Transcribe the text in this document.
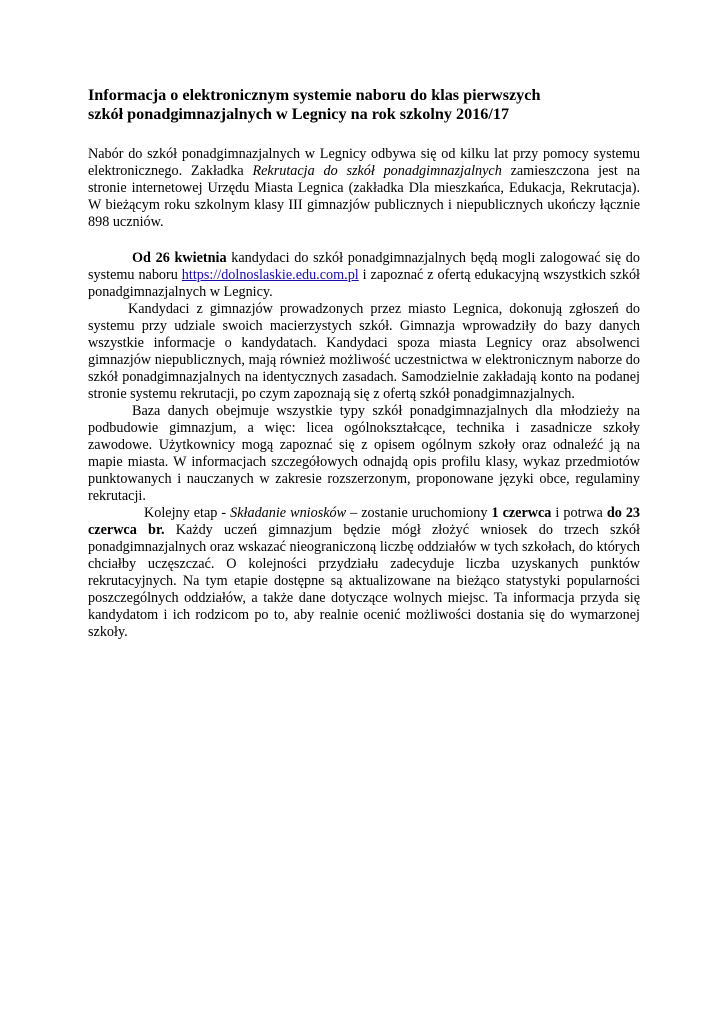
Informacja o elektronicznym systemie naboru do klas pierwszych
szkół ponadgimnazjalnych w Legnicy na rok szkolny 2016/17

Nabór do szkół ponadgimnazjalnych w Legnicy odbywa się od kilku lat przy pomocy systemu elektronicznego. Zakładka Rekrutacja do szkół ponadgimnazjalnych zamieszczona jest na stronie internetowej Urzędu Miasta Legnica (zakładka Dla mieszkańca, Edukacja, Rekrutacja). W bieżącym roku szkolnym klasy III gimnazjów publicznych i niepublicznych ukończy łącznie 898 uczniów.

Od 26 kwietnia kandydaci do szkół ponadgimnazjalnych będą mogli zalogować się do systemu naboru https://dolnoslaskie.edu.com.pl i zapoznać z ofertą edukacyjną wszystkich szkół ponadgimnazjalnych w Legnicy.

Kandydaci z gimnazjów prowadzonych przez miasto Legnica, dokonują zgłoszeń do systemu przy udziale swoich macierzystych szkół. Gimnazja wprowadziły do bazy danych wszystkie informacje o kandydatach. Kandydaci spoza miasta Legnicy oraz absolwenci gimnazjów niepublicznych, mają również możliwość uczestnictwa w elektronicznym naborze do szkół ponadgimnazjalnych na identycznych zasadach. Samodzielnie zakładają konto na podanej stronie systemu rekrutacji, po czym zapoznają się z ofertą szkół ponadgimnazjalnych.

Baza danych obejmuje wszystkie typy szkół ponadgimnazjalnych dla młodzieży na podbudowie gimnazjum, a więc: licea ogólnokształcące, technika i zasadnicze szkoły zawodowe. Użytkownicy mogą zapoznać się z opisem ogólnym szkoły oraz odnaleźć ją na mapie miasta. W informacjach szczegółowych odnajdą opis profilu klasy, wykaz przedmiotów punktowanych i nauczanych w zakresie rozszerzonym, proponowane języki obce, regulaminy rekrutacji.

Kolejny etap - Składanie wniosków – zostanie uruchomiony 1 czerwca i potrwa do 23 czerwca br. Każdy uczeń gimnazjum będzie mógł złożyć wniosek do trzech szkół ponadgimnazjalnych oraz wskazać nieograniczoną liczbę oddziałów w tych szkołach, do których chciałby uczęszczać. O kolejności przydziału zadecyduje liczba uzyskanych punktów rekrutacyjnych. Na tym etapie dostępne są aktualizowane na bieżąco statystyki popularności poszczególnych oddziałów, a także dane dotyczące wolnych miejsc. Ta informacja przyda się kandydatom i ich rodzicom po to, aby realnie ocenić możliwości dostania się do wymarzonej szkoły.
